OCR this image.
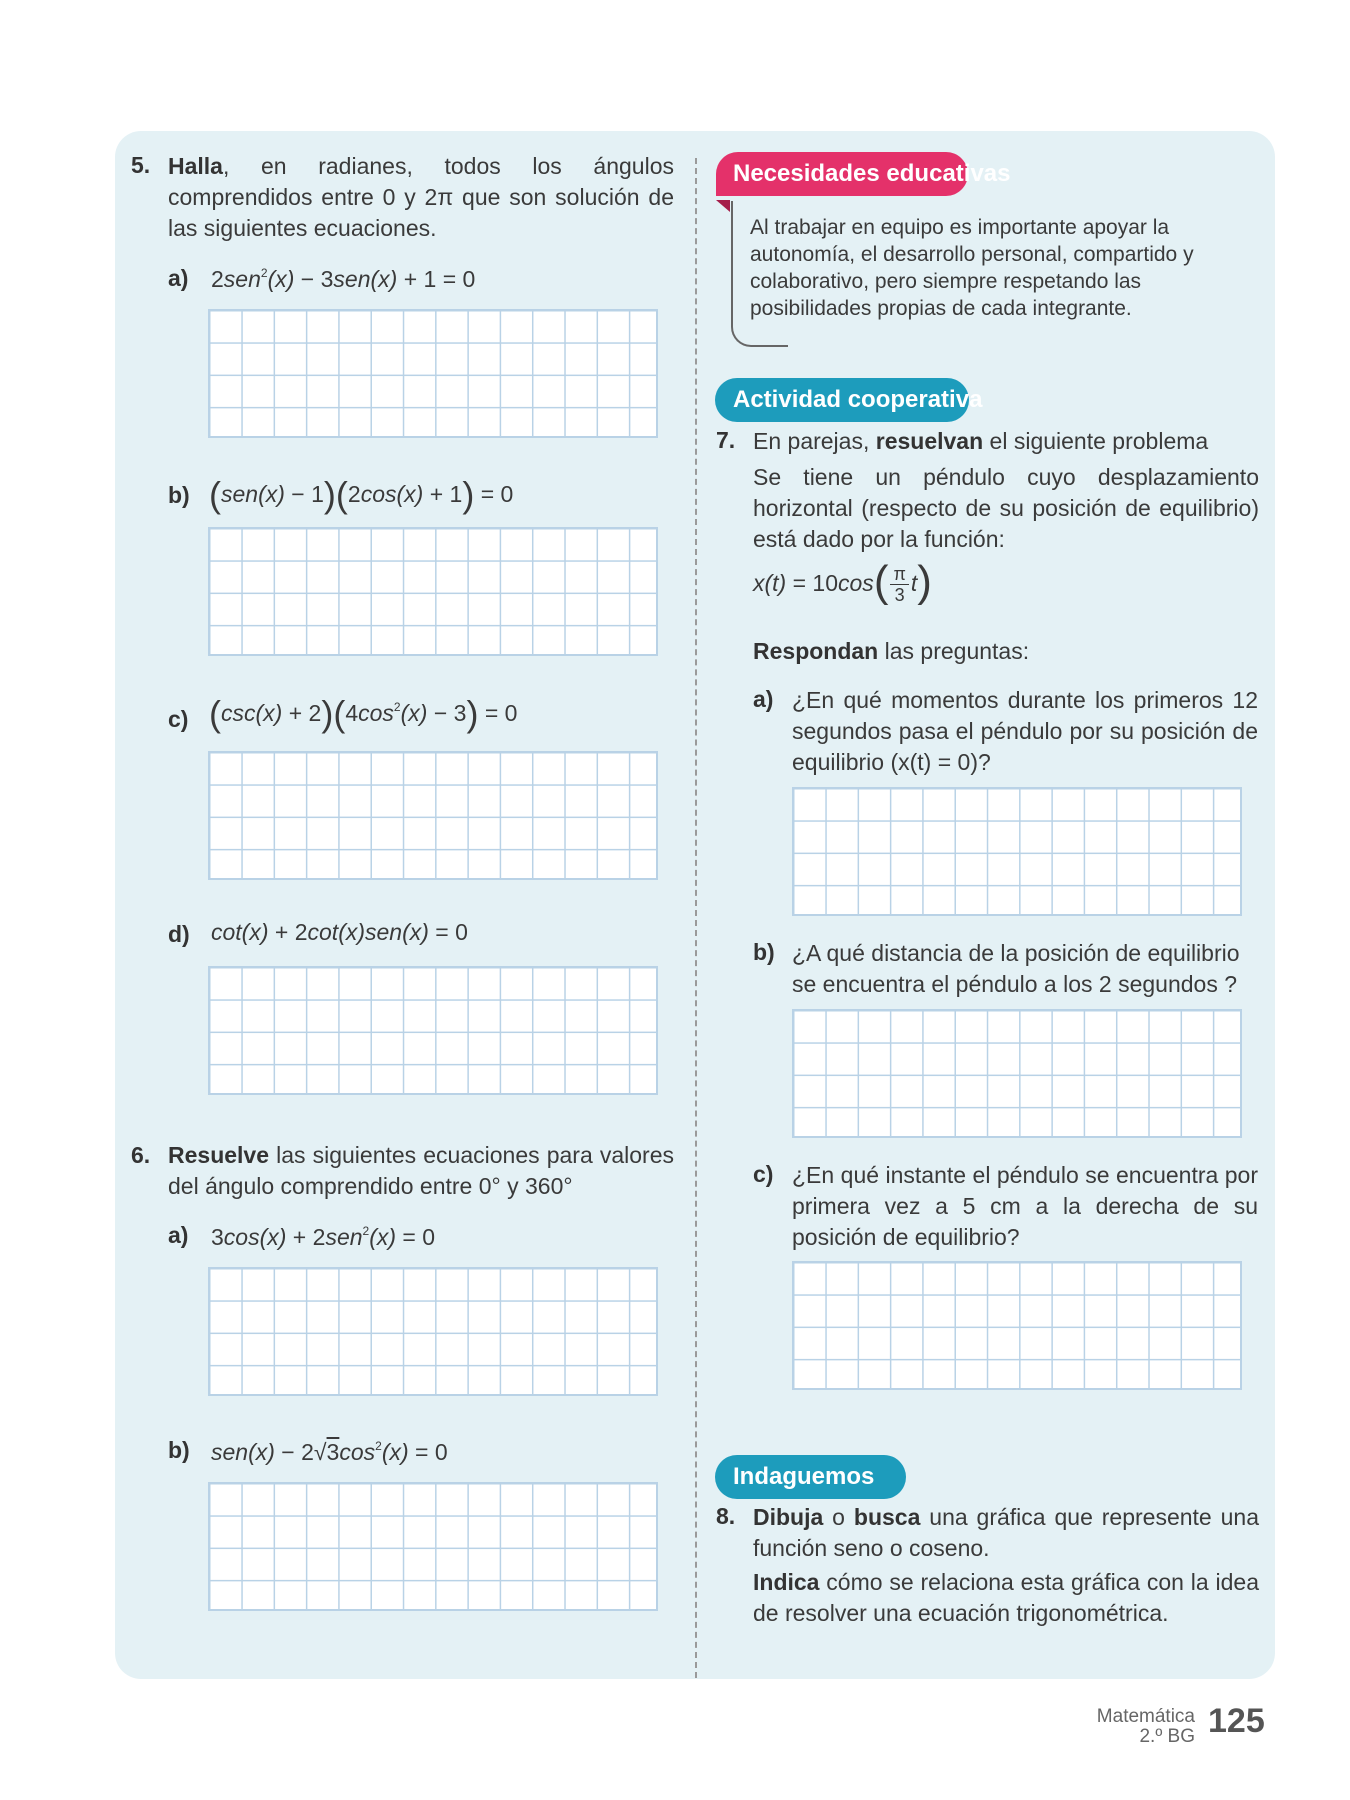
5. Halla, en radianes, todos los ángulos comprendidos entre 0 y 2π que son solución de las siguientes ecuaciones.
a) 2sen$^2$(x) − 3sen(x) + 1 = 0
b) (sen(x) − 1)(2cos(x) + 1) = 0
c) $(\csc(x) + 2)(4\cos^2(x) - 3) = 0$
d) cot(x) + 2cot(x)sen(x) = 0
6. Resuelve las siguientes ecuaciones para valores del ángulo comprendido entre 0° y 360°
a) 3cos(x) + 2sen$^2$(x) = 0
b) $sen(x) - 2√3\cos^2(x) = 0$
Necesidades educativas
Al trabajar en equipo es importante apoyar la autonomía, el desarrollo personal, compartido y colaborativo, pero siempre respetando las posibilidades propias de cada integrante.
Actividad cooperativa
7. En parejas, resuelvan el siguiente problema
Se tiene un péndulo cuyo desplazamiento horizontal (respecto de su posición de equilibrio) está dado por la función:
$x(t) = 10\cos( \frac{\pi}{3} t)$
Respondan las preguntas:
a) ¿En qué momentos durante los primeros 12 segundos pasa el péndulo por su posición de equilibrio (x(t) = 0)?
b) ¿A qué distancia de la posición de equilibrio se encuentra el péndulo a los 2 segundos ?
c) ¿En qué instante el péndulo se encuentra por primera vez a 5 cm a la derecha de su posición de equilibrio?
Indaguemos
8. Dibuja o busca una gráfica que represente una función seno o coseno.
Indica cómo se relaciona esta gráfica con la idea de resolver una ecuación trigonométrica.
Matemática
2.º BG 125
